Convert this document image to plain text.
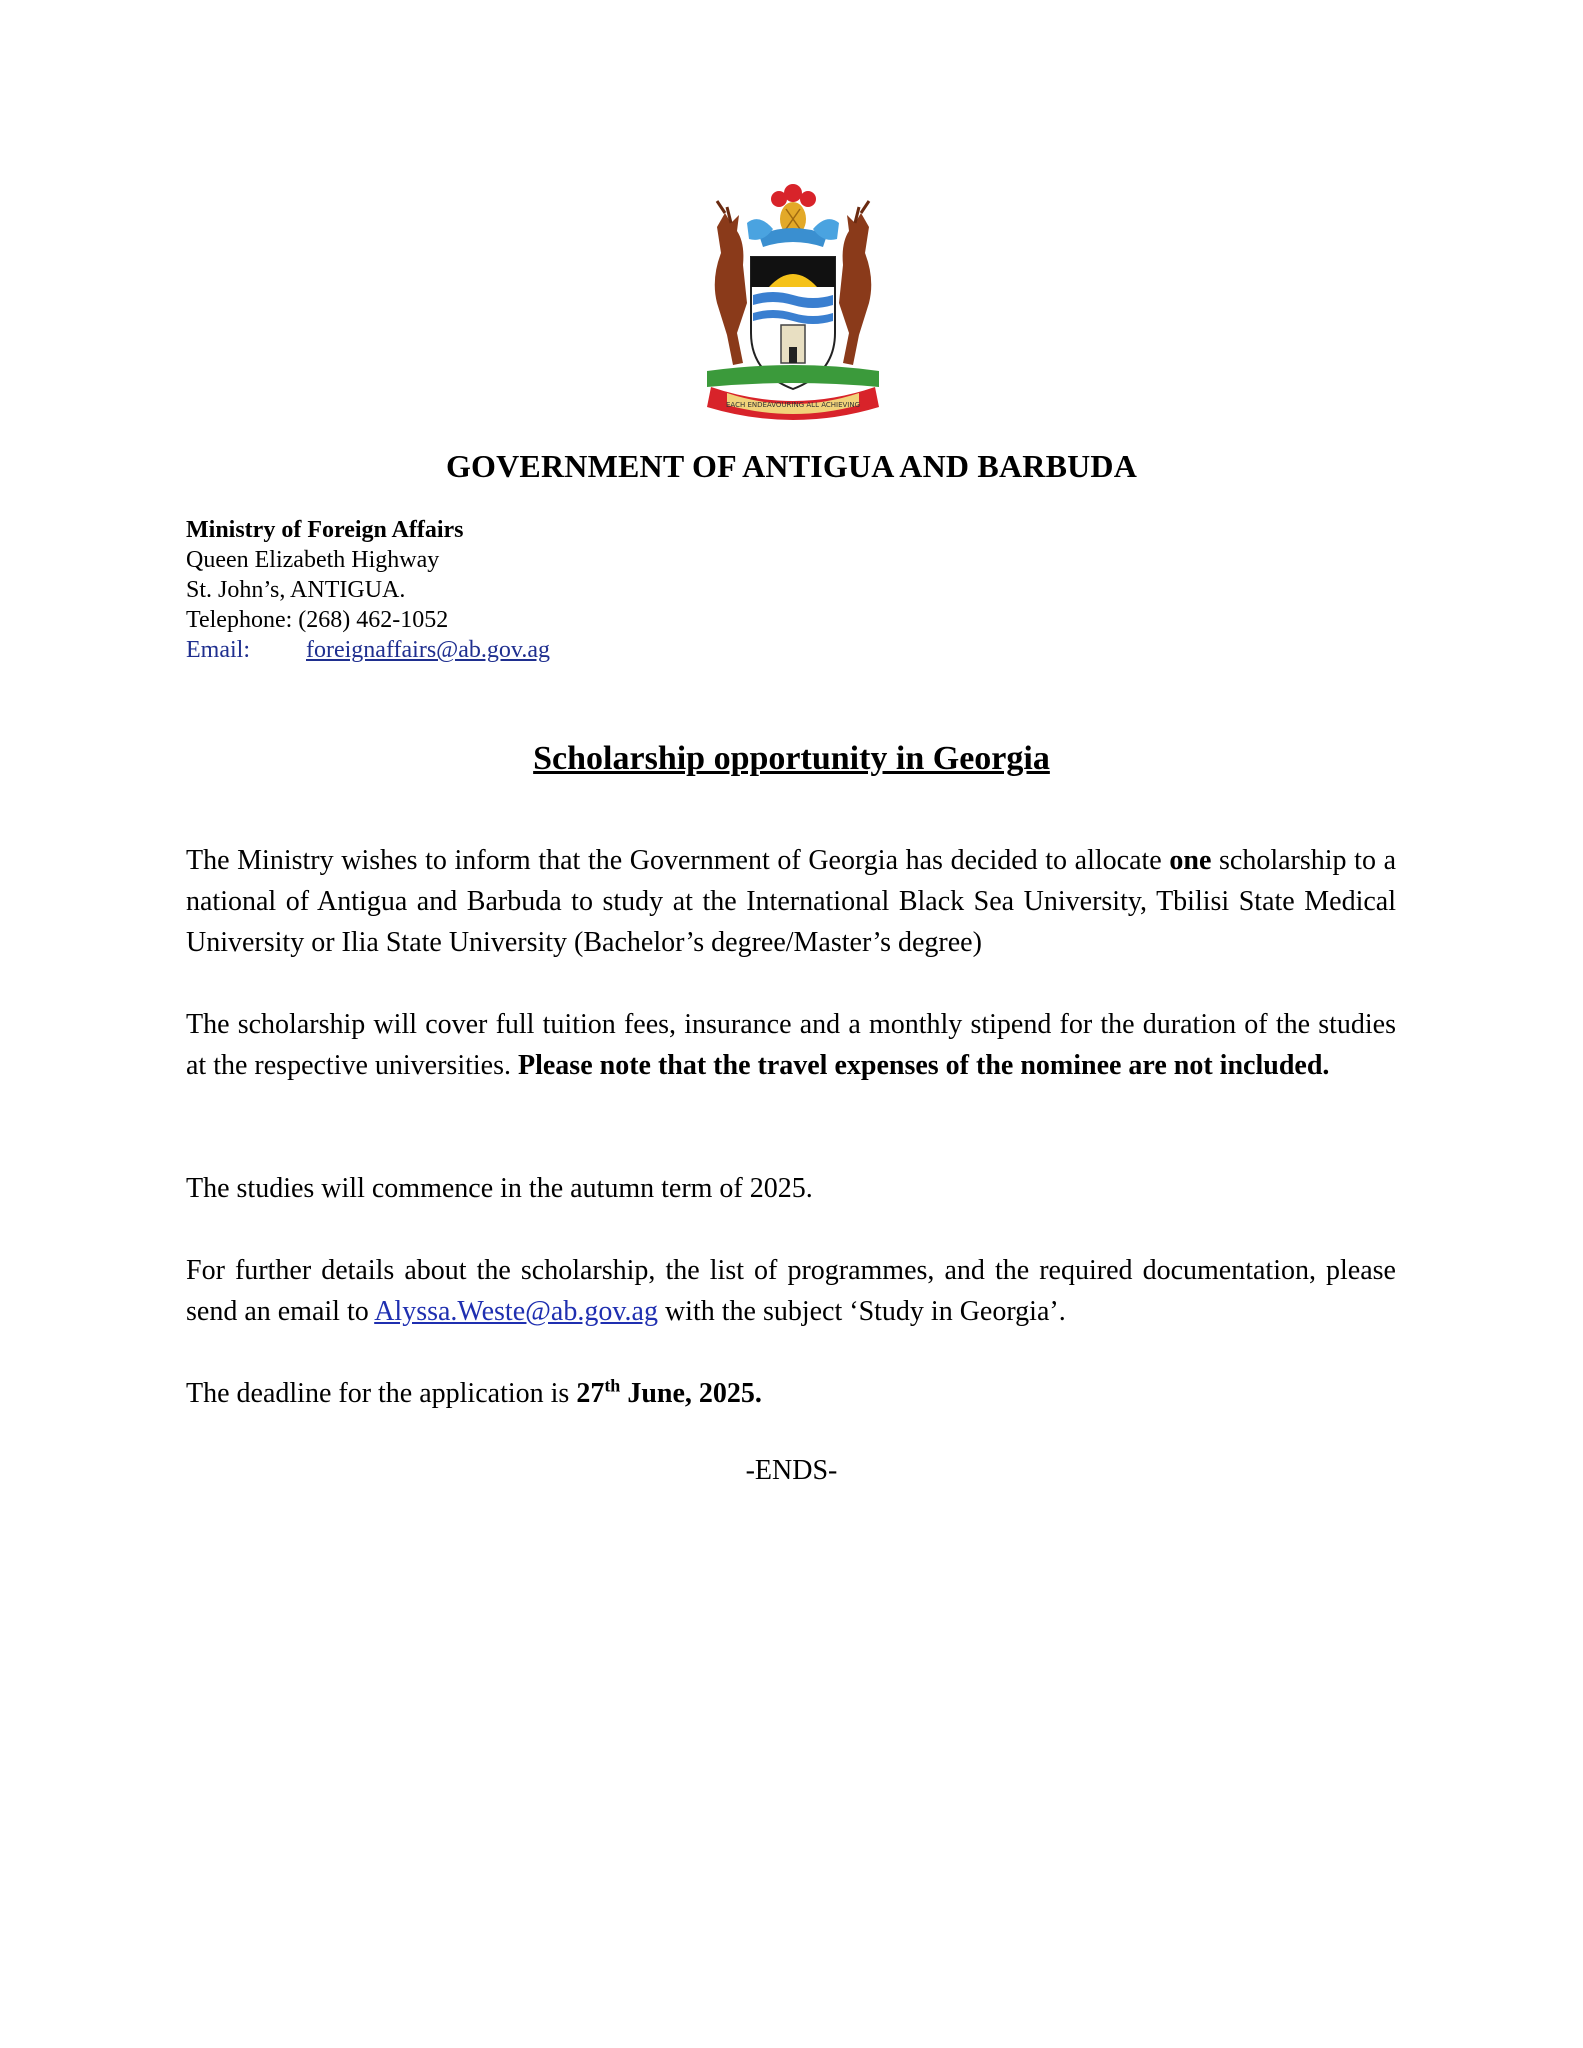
EACH ENDEAVOURING ALL ACHIEVING
GOVERNMENT OF ANTIGUA AND BARBUDA
Ministry of Foreign Affairs
Queen Elizabeth Highway
St. John’s, ANTIGUA.
Telephone: (268) 462-1052
Email: foreignaffairs@ab.gov.ag
Scholarship opportunity in Georgia
The Ministry wishes to inform that the Government of Georgia has decided to allocate one scholarship to a national of Antigua and Barbuda to study at the International Black Sea University, Tbilisi State Medical University or Ilia State University (Bachelor’s degree/Master’s degree)
The scholarship will cover full tuition fees, insurance and a monthly stipend for the duration of the studies at the respective universities. Please note that the travel expenses of the nominee are not included.
The studies will commence in the autumn term of 2025.
For further details about the scholarship, the list of programmes, and the required documentation, please send an email to Alyssa.Weste@ab.gov.ag with the subject ‘Study in Georgia’.
The deadline for the application is 27th June, 2025.
-ENDS-
